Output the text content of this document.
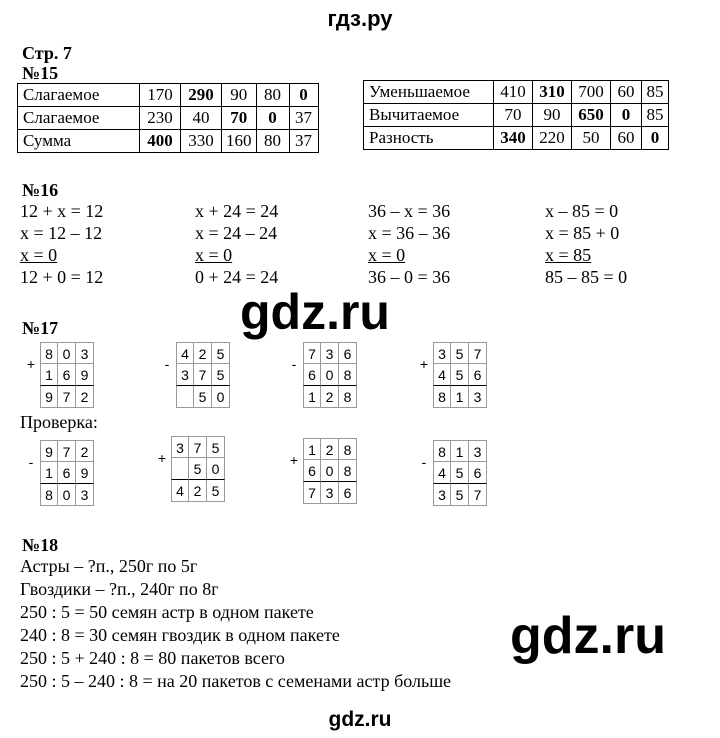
гдз.ру
Стр. 7
№15
Слагаемое	170	290	90	80	0
Слагаемое	230	40	70	0	37
Сумма	400	330	160	80	37
Уменьшаемое	410	310	700	60	85
Вычитаемое	70	90	650	0	85
Разность	340	220	50	60	0
№16
12 + x = 12
x = 12 – 12
x = 0
12 + 0 = 12
x + 24 = 24
x = 24 – 24
x = 0
0 + 24 = 24
36 – x = 36
x = 36 – 36
x = 0
36 – 0 = 36
x – 85 = 0
x = 85 + 0
x = 85
85 – 85 = 0
gdz.ru
№17
+
8 0 3
1 6 9
9 7 2
-
4 2 5
3 7 5
5 0
-
7 3 6
6 0 8
1 2 8
+
3 5 7
4 5 6
8 1 3
Проверка:
-
9 7 2
1 6 9
8 0 3
+
3 7 5
5 0
4 2 5
+
1 2 8
6 0 8
7 3 6
-
8 1 3
4 5 6
3 5 7
№18
Астры – ?п., 250г по 5г
Гвоздики – ?п., 240г по 8г
250 : 5 = 50 семян астр в одном пакете
240 : 8 = 30 семян гвоздик в одном пакете
250 : 5 + 240 : 8 = 80 пакетов всего
250 : 5 – 240 : 8 = на 20 пакетов с семенами астр больше
gdz.ru
gdz.ru
